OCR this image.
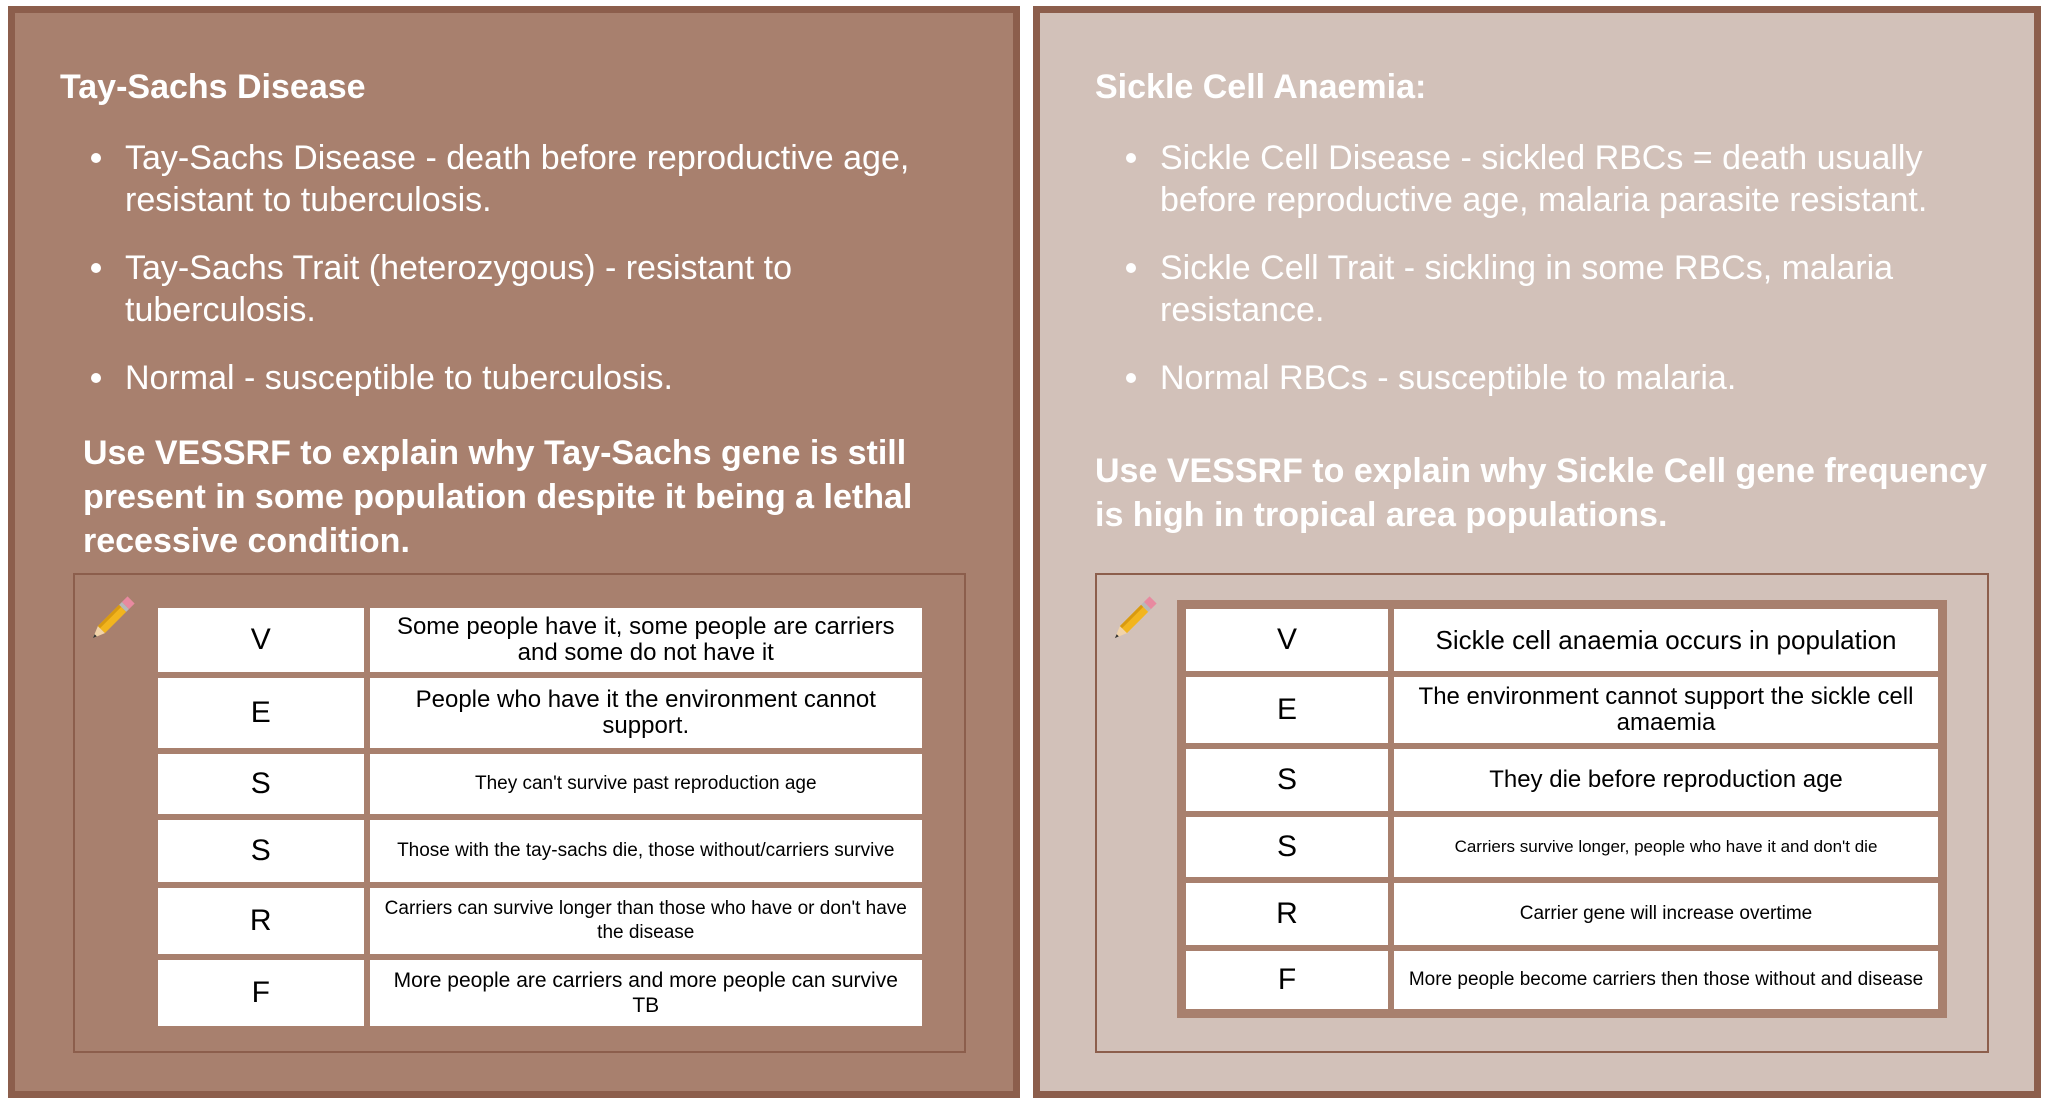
Tay-Sachs Disease
Tay-Sachs Disease - death before reproductive age, resistant to tuberculosis.
Tay-Sachs Trait (heterozygous) - resistant to tuberculosis.
Normal - susceptible to tuberculosis.

Use VESSRF to explain why Tay-Sachs gene is still present in some population despite it being a lethal recessive condition.

V	Some people have it, some people are carriers and some do not have it
E	People who have it the environment cannot support.
S	They can't survive past reproduction age
S	Those with the tay-sachs die, those without/carriers survive
R	Carriers can survive longer than those who have or don't have the disease
F	More people are carriers and more people can survive TB
Sickle Cell Anaemia:
Sickle Cell Disease - sickled RBCs = death usually before reproductive age, malaria parasite resistant.
Sickle Cell Trait - sickling in some RBCs, malaria resistance.
Normal RBCs - susceptible to malaria.

Use VESSRF to explain why Sickle Cell gene frequency is high in tropical area populations.

V	Sickle cell anaemia occurs in population
E	The environment cannot support the sickle cell amaemia
S	They die before reproduction age
S	Carriers survive longer, people who have it and don't die
R	Carrier gene will increase overtime
F	More people become carriers then those without and disease
